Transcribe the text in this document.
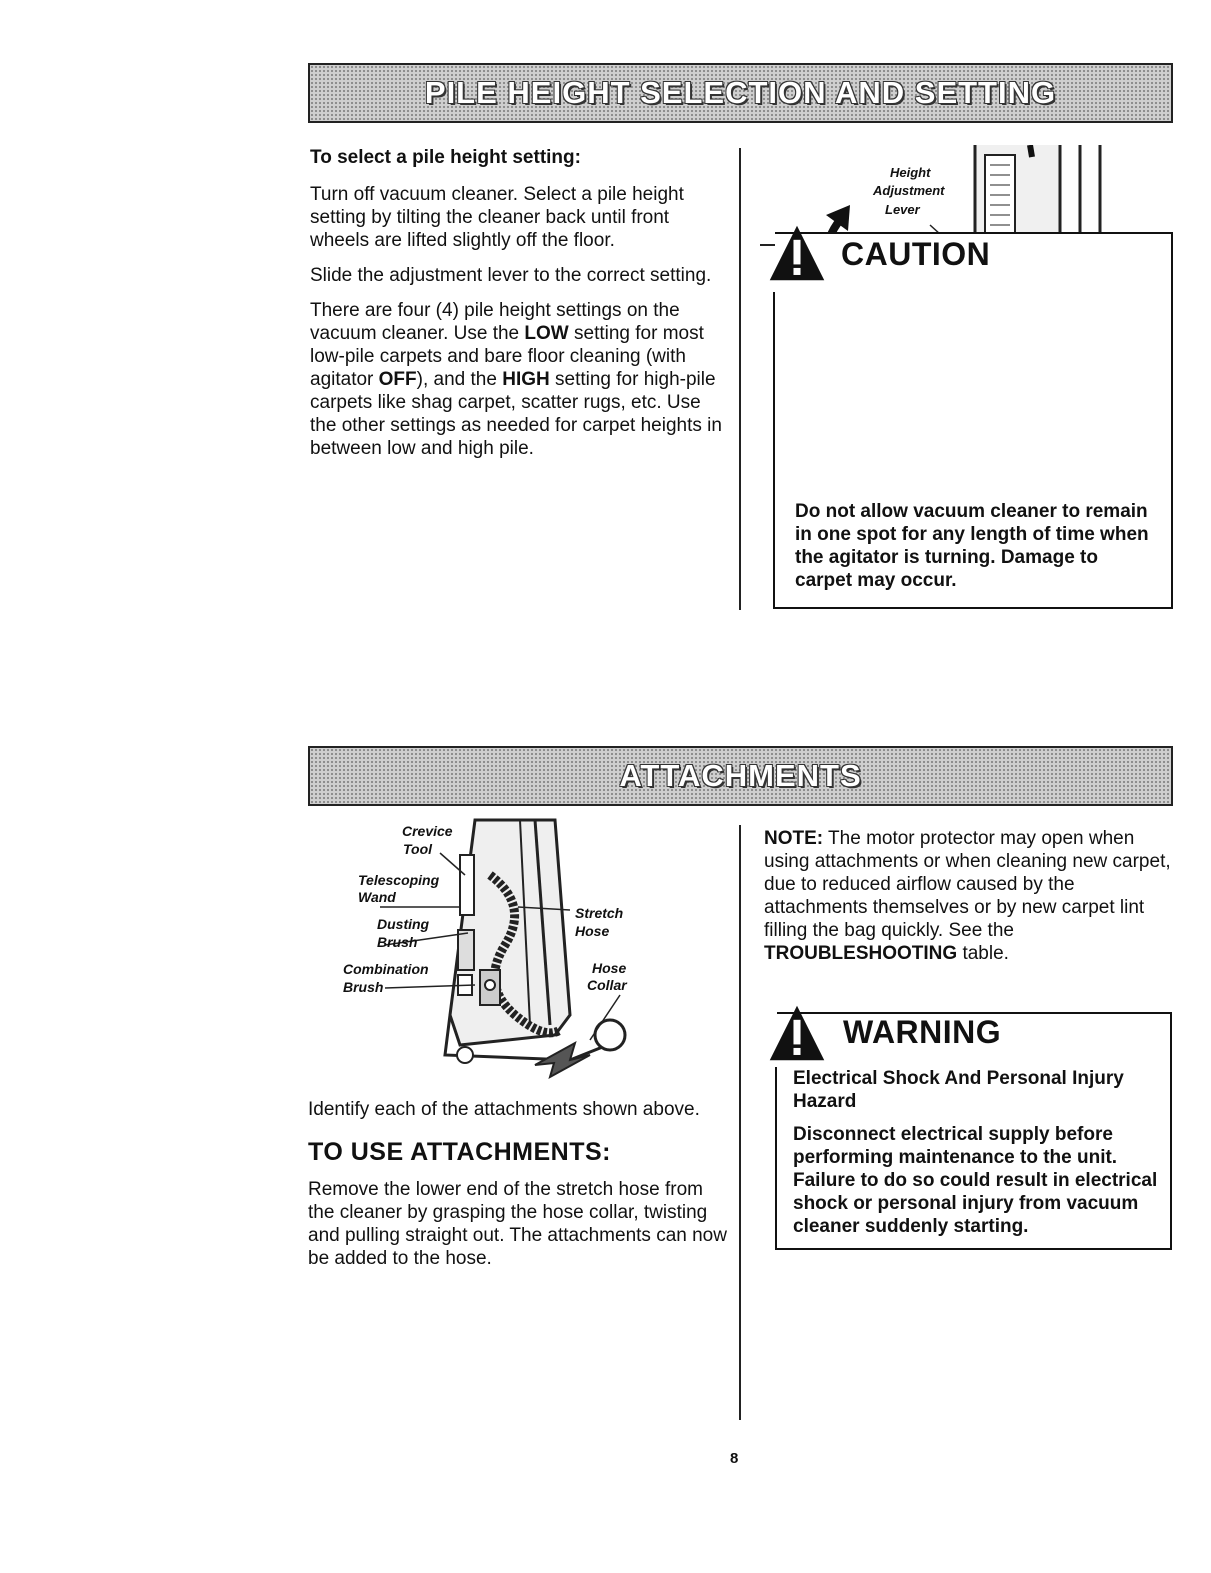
PILE HEIGHT SELECTION AND SETTING
To select a pile height setting:

Turn off vacuum cleaner. Select a pile height setting by tilting the cleaner back until front wheels are lifted slightly off the floor.

Slide the adjustment lever to the correct setting.

There are four (4) pile height settings on the vacuum cleaner. Use the LOW setting for most low-pile carpets and bare floor cleaning (with agitator OFF), and the HIGH setting for high-pile carpets like shag carpet, scatter rugs, etc. Use the other settings as needed for carpet heights in between low and high pile.

Height
Adjustment
Lever
CAUTION
Do not allow vacuum cleaner to remain in one spot for any length of time when the agitator is turning. Damage to carpet may occur.
ATTACHMENTS
Crevice
Tool
Telescoping
Wand
Dusting
Brush
Combination
Brush
Stretch
Hose
Hose
Collar

Identify each of the attachments shown above.

TO USE ATTACHMENTS:

Remove the lower end of the stretch hose from the cleaner by grasping the hose collar, twisting and pulling straight out. The attachments can now be added to the hose.

NOTE: The motor protector may open when using attachments or when cleaning new carpet, due to reduced airflow caused by the attachments themselves or by new carpet lint filling the bag quickly. See the TROUBLESHOOTING table.

WARNING

Electrical Shock And Personal Injury Hazard

Disconnect electrical supply before performing maintenance to the unit. Failure to do so could result in electrical shock or personal injury from vacuum cleaner suddenly starting.

8
